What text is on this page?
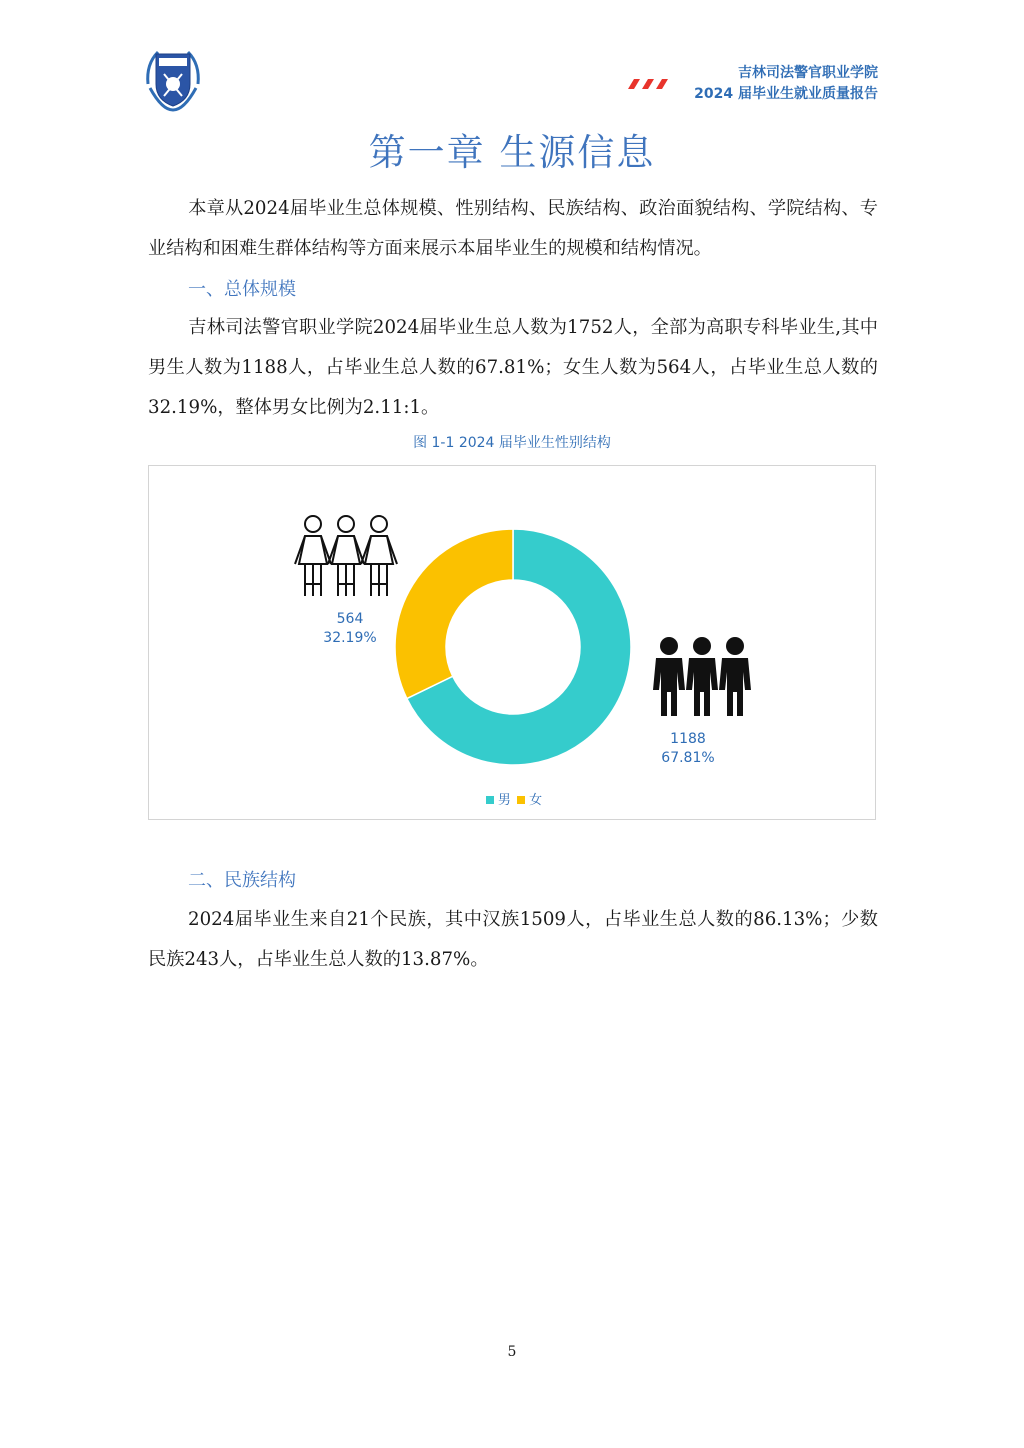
吉林司法警官职业学院
2024 届毕业生就业质量报告
第一章 生源信息
本章从2024届毕业生总体规模、性别结构、民族结构、政治面貌结构、学院结构、专业结构和困难生群体结构等方面来展示本届毕业生的规模和结构情况。
一、总体规模
吉林司法警官职业学院2024届毕业生总人数为1752人，全部为高职专科毕业生,其中男生人数为1188人，占毕业生总人数的67.81%；女生人数为564人，占毕业生总人数的32.19%，整体男女比例为2.11:1。
图 1-1 2024 届毕业生性别结构
564
32.19%
1188
67.81%
男 女
二、民族结构
2024届毕业生来自21个民族，其中汉族1509人，占毕业生总人数的86.13%；少数民族243人，占毕业生总人数的13.87%。
5
